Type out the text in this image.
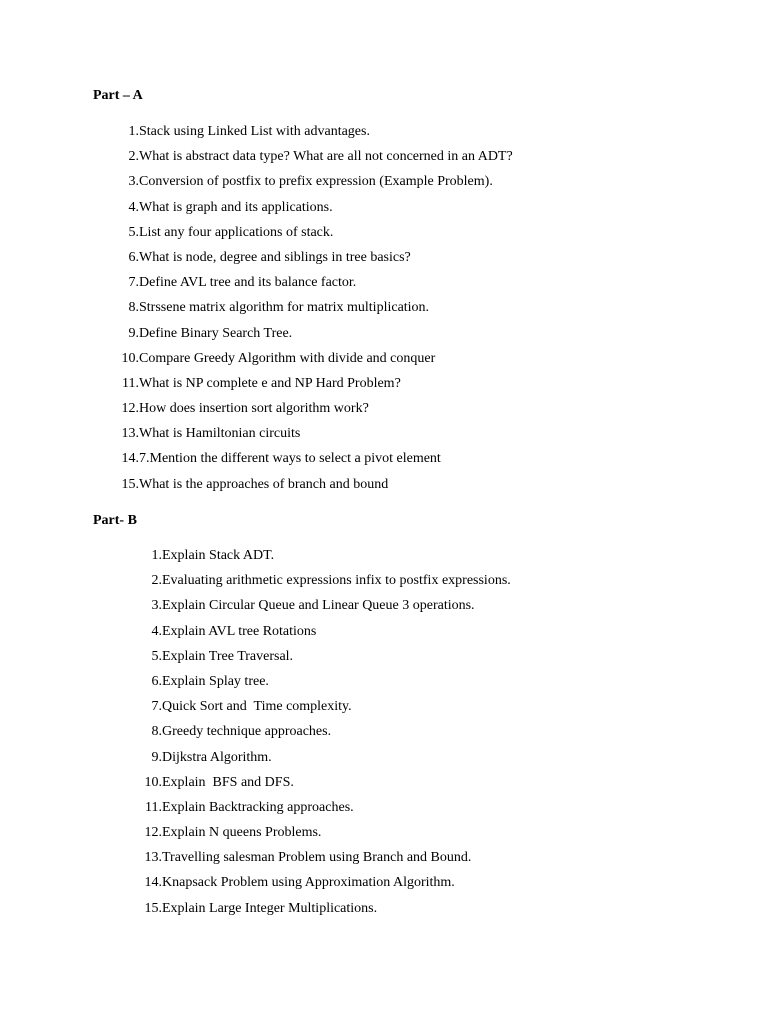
Part – A
1. Stack using Linked List with advantages.
2. What is abstract data type? What are all not concerned in an ADT?
3. Conversion of postfix to prefix expression (Example Problem).
4. What is graph and its applications.
5. List any four applications of stack.
6. What is node, degree and siblings in tree basics?
7. Define AVL tree and its balance factor.
8. Strssene matrix algorithm for matrix multiplication.
9. Define Binary Search Tree.
10. Compare Greedy Algorithm with divide and conquer
11. What is NP complete e and NP Hard Problem?
12. How does insertion sort algorithm work?
13. What is Hamiltonian circuits
14. 7.Mention the different ways to select a pivot element
15. What is the approaches of branch and bound
Part- B
1. Explain Stack ADT.
2. Evaluating arithmetic expressions infix to postfix expressions.
3. Explain Circular Queue and Linear Queue 3 operations.
4. Explain AVL tree Rotations
5. Explain Tree Traversal.
6. Explain Splay tree.
7. Quick Sort and  Time complexity.
8. Greedy technique approaches.
9. Dijkstra Algorithm.
10. Explain  BFS and DFS.
11. Explain Backtracking approaches.
12. Explain N queens Problems.
13. Travelling salesman Problem using Branch and Bound.
14. Knapsack Problem using Approximation Algorithm.
15. Explain Large Integer Multiplications.
